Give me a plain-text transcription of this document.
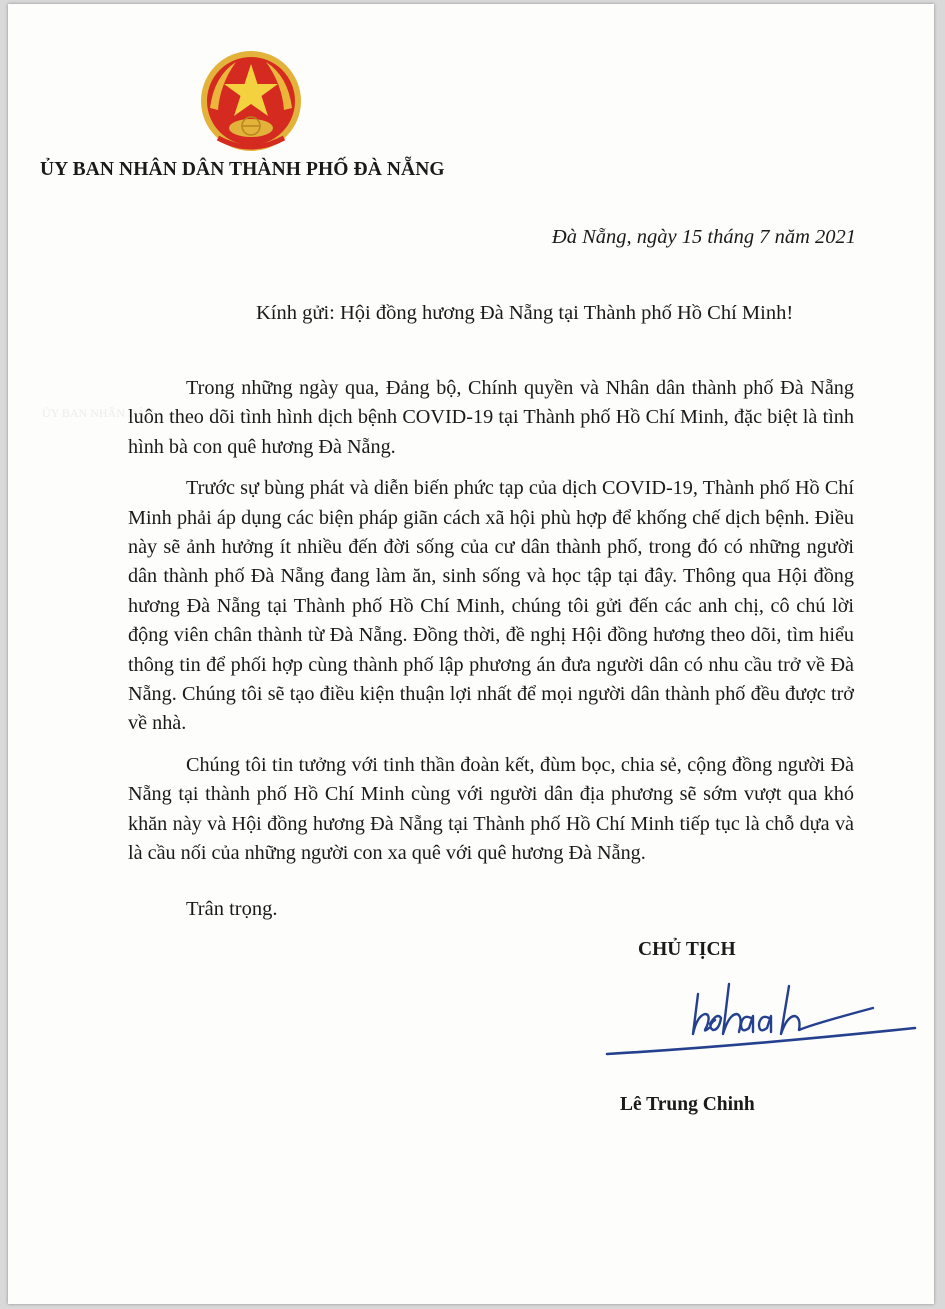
ỦY BAN NHÂN DÂN THÀNH PHỐ ĐÀ NẴNG
ỦY BAN NHÂN DÂN
Đà Nẵng, ngày 15 tháng 7 năm 2021
Kính gửi: Hội đồng hương Đà Nẵng tại Thành phố Hồ Chí Minh!

Trong những ngày qua, Đảng bộ, Chính quyền và Nhân dân thành phố Đà Nẵng luôn theo dõi tình hình dịch bệnh COVID-19 tại Thành phố Hồ Chí Minh, đặc biệt là tình hình bà con quê hương Đà Nẵng.

Trước sự bùng phát và diễn biến phức tạp của dịch COVID-19, Thành phố Hồ Chí Minh phải áp dụng các biện pháp giãn cách xã hội phù hợp để khống chế dịch bệnh. Điều này sẽ ảnh hưởng ít nhiều đến đời sống của cư dân thành phố, trong đó có những người dân thành phố Đà Nẵng đang làm ăn, sinh sống và học tập tại đây. Thông qua Hội đồng hương Đà Nẵng tại Thành phố Hồ Chí Minh, chúng tôi gửi đến các anh chị, cô chú lời động viên chân thành từ Đà Nẵng. Đồng thời, đề nghị Hội đồng hương theo dõi, tìm hiểu thông tin để phối hợp cùng thành phố lập phương án đưa người dân có nhu cầu trở về Đà Nẵng. Chúng tôi sẽ tạo điều kiện thuận lợi nhất để mọi người dân thành phố đều được trở về nhà.

Chúng tôi tin tưởng với tinh thần đoàn kết, đùm bọc, chia sẻ, cộng đồng người Đà Nẵng tại thành phố Hồ Chí Minh cùng với người dân địa phương sẽ sớm vượt qua khó khăn này và Hội đồng hương Đà Nẵng tại Thành phố Hồ Chí Minh tiếp tục là chỗ dựa và là cầu nối của những người con xa quê với quê hương Đà Nẵng.

Trân trọng.
CHỦ TỊCH
Lê Trung Chinh
